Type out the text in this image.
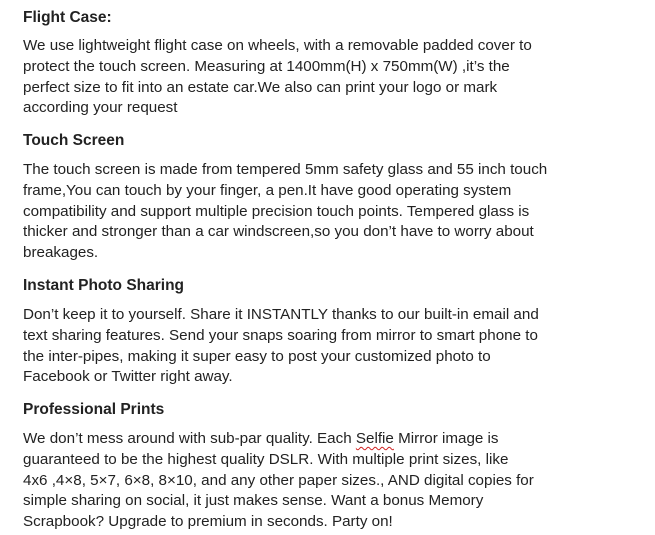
Flight Case:

We use lightweight flight case on wheels, with a removable padded cover to
protect the touch screen. Measuring at 1400mm(H) x 750mm(W) ,it’s the
perfect size to fit into an estate car.We also can print your logo or mark
according your request

Touch Screen

The touch screen is made from tempered 5mm safety glass and 55 inch touch
frame,You can touch by your finger, a pen.It have good operating system
compatibility and support multiple precision touch points. Tempered glass is
thicker and stronger than a car windscreen,so you don’t have to worry about
breakages.

Instant Photo Sharing

Don’t keep it to yourself. Share it INSTANTLY thanks to our built-in email and
text sharing features. Send your snaps soaring from mirror to smart phone to
the inter-pipes, making it super easy to post your customized photo to
Facebook or Twitter right away.

Professional Prints

We don’t mess around with sub-par quality. Each Selfie Mirror image is
guaranteed to be the highest quality DSLR. With multiple print sizes, like
4x6 ,4×8, 5×7, 6×8, 8×10, and any other paper sizes., AND digital copies for
simple sharing on social, it just makes sense. Want a bonus Memory
Scrapbook? Upgrade to premium in seconds. Party on!
